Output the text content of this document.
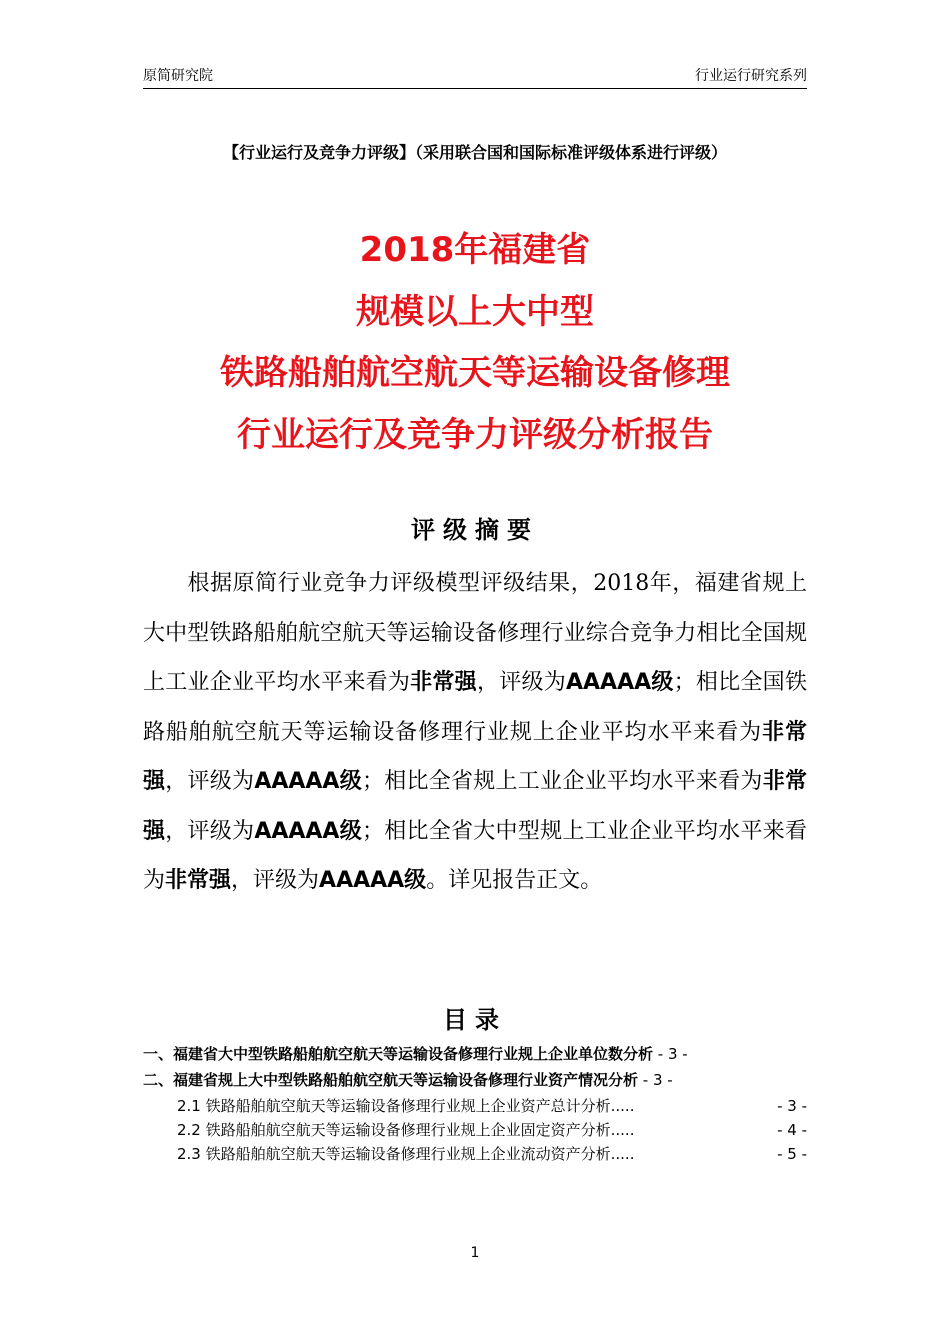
原简研究院	行业运行研究系列
【行业运行及竞争力评级】（采用联合国和国际标准评级体系进行评级）
2018年福建省
规模以上大中型
铁路船舶航空航天等运输设备修理
行业运行及竞争力评级分析报告
评级摘要
根据原简行业竞争力评级模型评级结果，2018年，福建省规上大中型铁路船舶航空航天等运输设备修理行业综合竞争力相比全国规上工业企业平均水平来看为非常强，评级为AAAAA级；相比全国铁路船舶航空航天等运输设备修理行业规上企业平均水平来看为非常强，评级为AAAAA级；相比全省规上工业企业平均水平来看为非常强，评级为AAAAA级；相比全省大中型规上工业企业平均水平来看为非常强，评级为AAAAA级。详见报告正文。
目录
一、福建省大中型铁路船舶航空航天等运输设备修理行业规上企业单位数分析 - 3 -
二、福建省规上大中型铁路船舶航空航天等运输设备修理行业资产情况分析 - 3 -
2.1 铁路船舶航空航天等运输设备修理行业规上企业资产总计分析.....	- 3 -
2.2 铁路船舶航空航天等运输设备修理行业规上企业固定资产分析.....	- 4 -
2.3 铁路船舶航空航天等运输设备修理行业规上企业流动资产分析.....	- 5 -
1
